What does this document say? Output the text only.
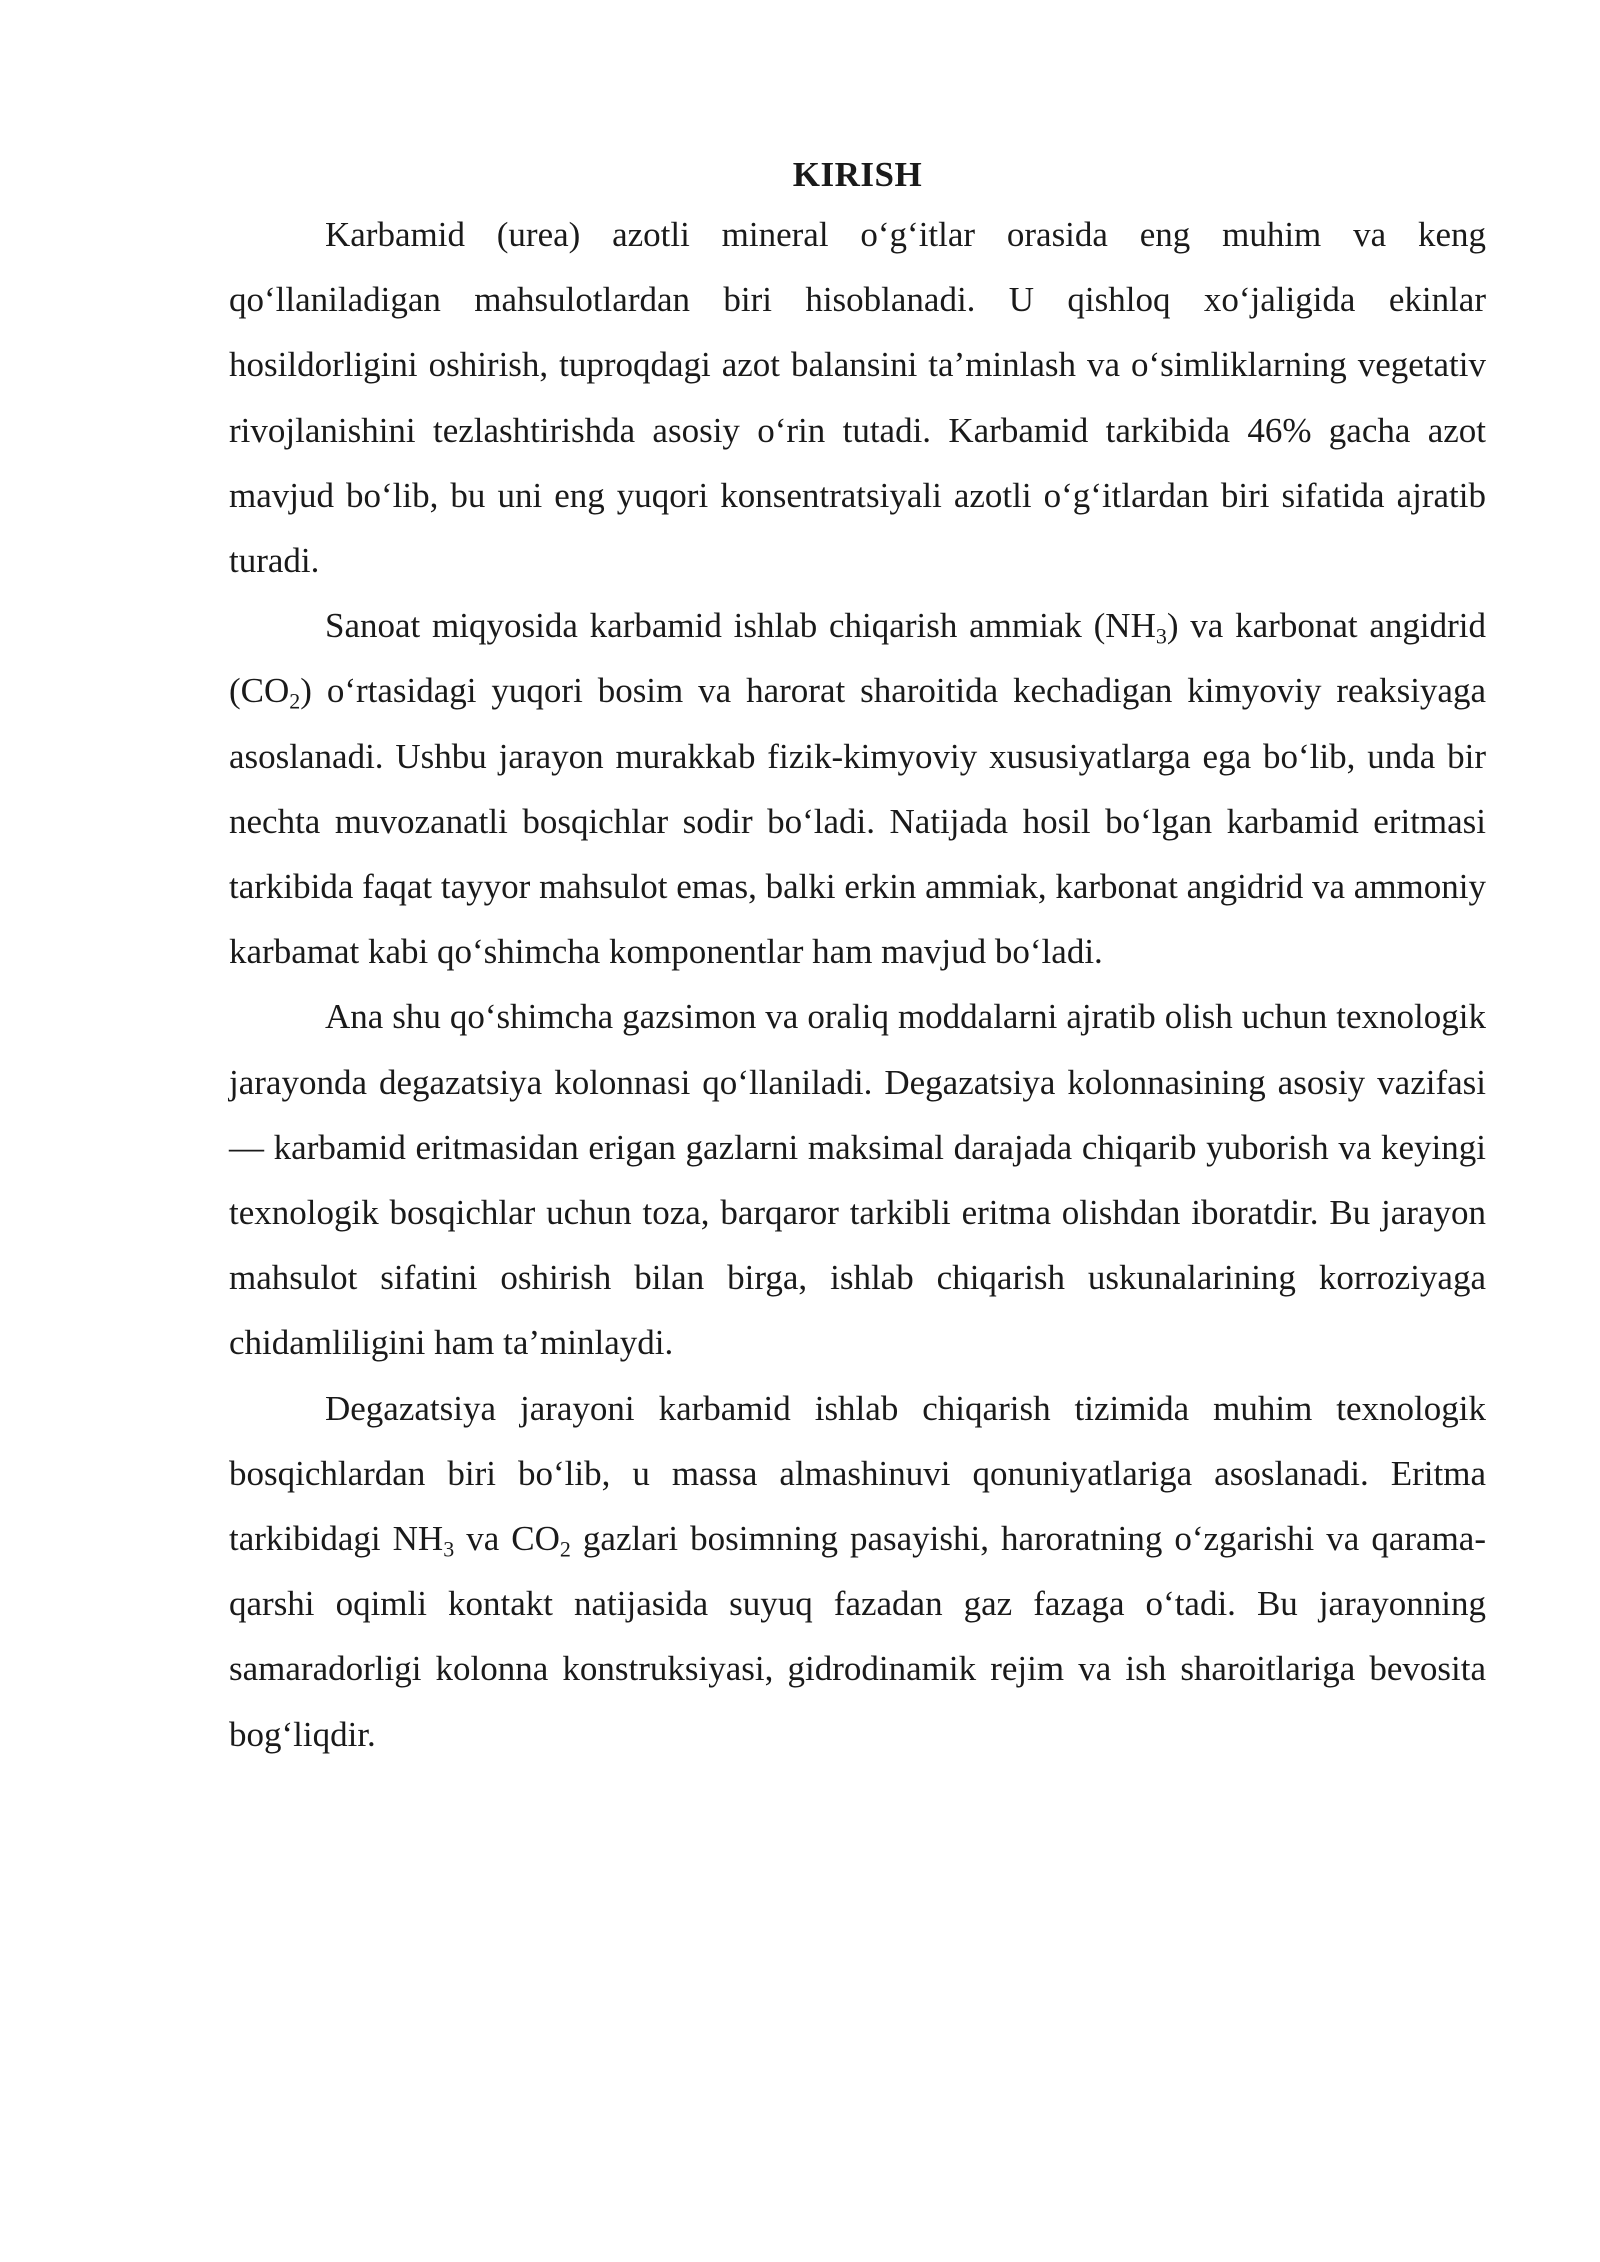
KIRISH

Karbamid (urea) azotli mineral o‘g‘itlar orasida eng muhim va keng qo‘llaniladigan mahsulotlardan biri hisoblanadi. U qishloq xo‘jaligida ekinlar hosildorligini oshirish, tuproqdagi azot balansini ta’minlash va o‘simliklarning vegetativ rivojlanishini tezlashtirishda asosiy o‘rin tutadi. Karbamid tarkibida 46% gacha azot mavjud bo‘lib, bu uni eng yuqori konsentratsiyali azotli o‘g‘itlardan biri sifatida ajratib turadi.

Sanoat miqyosida karbamid ishlab chiqarish ammiak $(NH_3)$ va karbonat angidrid $(CO_2)$ o‘rtasidagi yuqori bosim va harorat sharoitida kechadigan kimyoviy reaksiyaga asoslanadi. Ushbu jarayon murakkab fizik-kimyoviy xususiyatlarga ega bo‘lib, unda bir nechta muvozanatli bosqichlar sodir bo‘ladi. Natijada hosil bo‘lgan karbamid eritmasi tarkibida faqat tayyor mahsulot emas, balki erkin ammiak, karbonat angidrid va ammoniy karbamat kabi qo‘shimcha komponentlar ham mavjud bo‘ladi.

Ana shu qo‘shimcha gazsimon va oraliq moddalarni ajratib olish uchun texnologik jarayonda degazatsiya kolonnasi qo‘llaniladi. Degazatsiya kolonnasining asosiy vazifasi — karbamid eritmasidan erigan gazlarni maksimal darajada chiqarib yuborish va keyingi texnologik bosqichlar uchun toza, barqaror tarkibli eritma olishdan iboratdir. Bu jarayon mahsulot sifatini oshirish bilan birga, ishlab chiqarish uskunalarining korroziyaga chidamliligini ham ta’minlaydi.

Degazatsiya jarayoni karbamid ishlab chiqarish tizimida muhim texnologik bosqichlardan biri bo‘lib, u massa almashinuvi qonuniyatlariga asoslanadi. Eritma tarkibidagi $NH_3$ va $CO_2$ gazlari bosimning pasayishi, haroratning o‘zgarishi va qarama-qarshi oqimli kontakt natijasida suyuq fazadan gaz fazaga o‘tadi. Bu jarayonning samaradorligi kolonna konstruksiyasi, gidrodinamik rejim va ish sharoitlariga bevosita bog‘liqdir.
